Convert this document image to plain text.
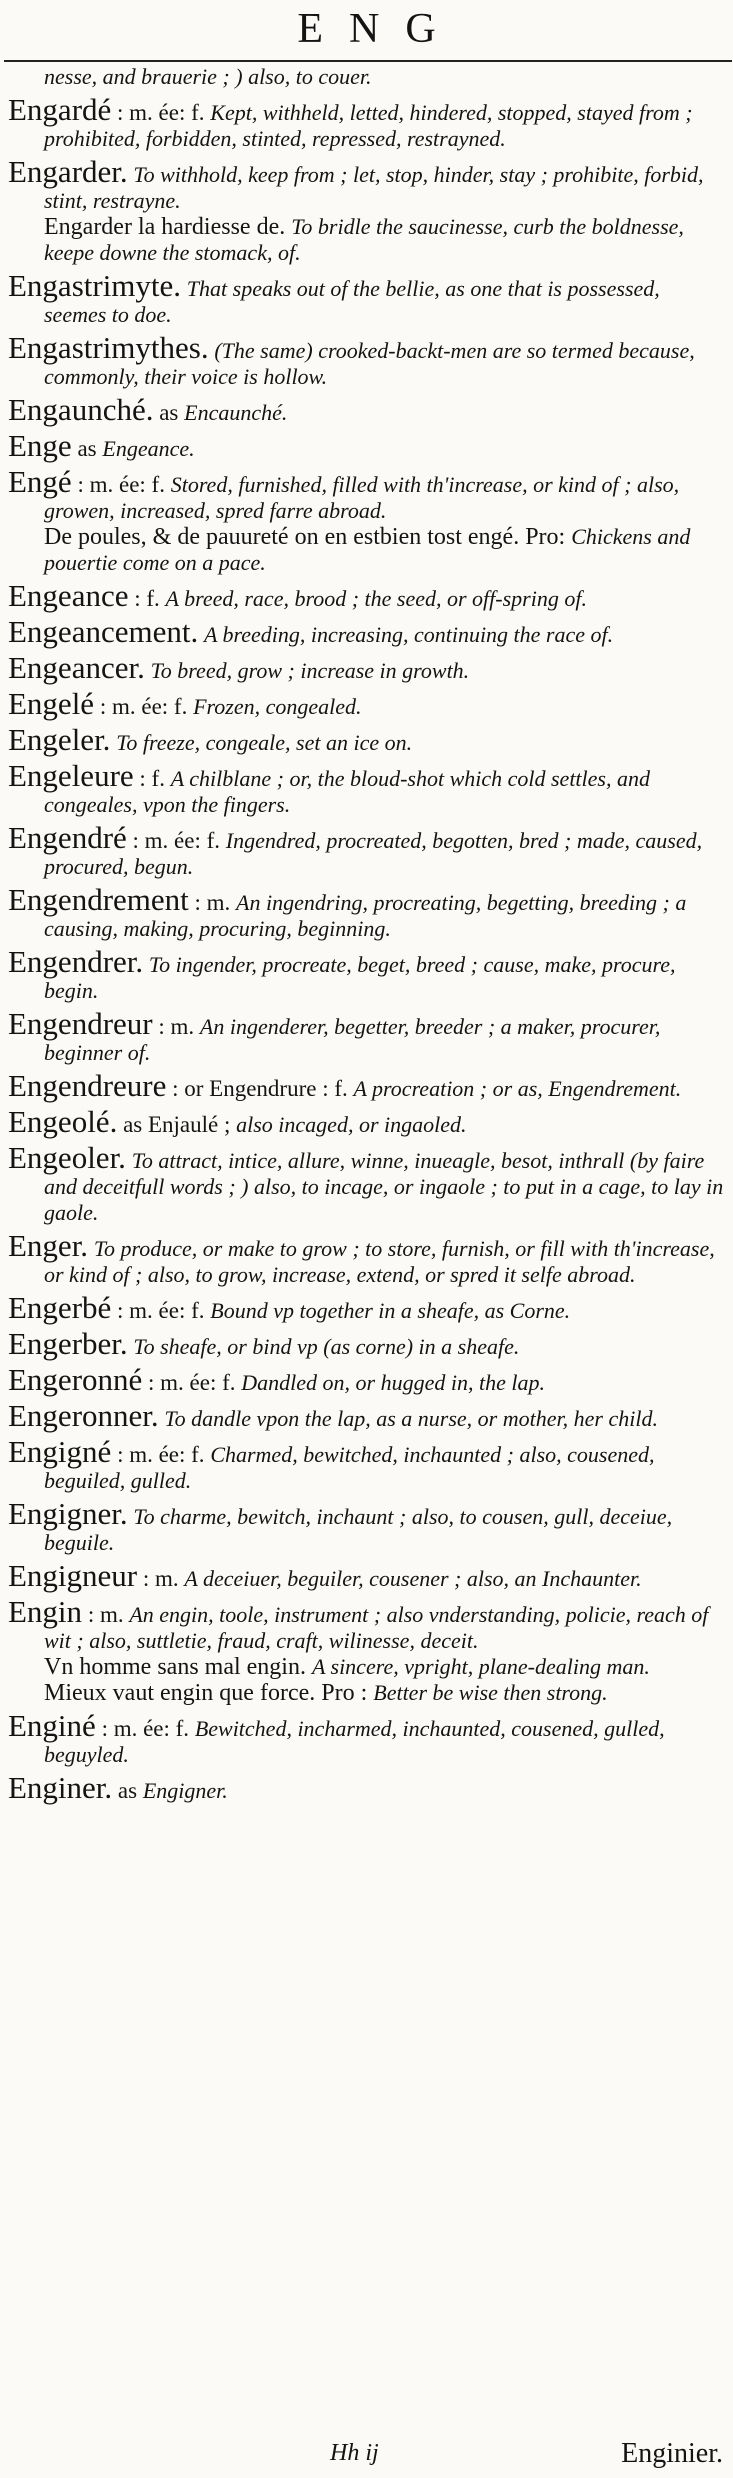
ENG
nesse, and brauerie ; ) also, to couer.
Engardé : m. ée: f. Kept, withheld, letted, hindered, stopped, stayed from ; prohibited, forbidden, stinted, repressed, restrayned.
Engarder. To withhold, keep from ; let, stop, hinder, stay ; prohibite, forbid, stint, restrayne.
Engarder la hardiesse de. To bridle the saucinesse, curb the boldnesse, keepe downe the stomack, of.
Engastrimyte. That speaks out of the bellie, as one that is possessed, seemes to doe.
Engastrimythes. (The same) crooked-backt-men are so termed because, commonly, their voice is hollow.
Engaunché. as Encaunché.
Enge as Engeance.
Engé : m. ée: f. Stored, furnished, filled with th'increase, or kind of ; also, growen, increased, spred farre abroad.
De poules, & de pauureté on en estbien tost engé. Pro: Chickens and pouertie come on a pace.
Engeance : f. A breed, race, brood ; the seed, or off-spring of.
Engeancement. A breeding, increasing, continuing the race of.
Engeancer. To breed, grow ; increase in growth.
Engelé : m. ée: f. Frozen, congealed.
Engeler. To freeze, congeale, set an ice on.
Engeleure : f. A chilblane ; or, the bloud-shot which cold settles, and congeales, vpon the fingers.
Engendré : m. ée: f. Ingendred, procreated, begotten, bred ; made, caused, procured, begun.
Engendrement : m. An ingendring, procreating, begetting, breeding ; a causing, making, procuring, beginning.
Engendrer. To ingender, procreate, beget, breed ; cause, make, procure, begin.
Engendreur : m. An ingenderer, begetter, breeder ; a maker, procurer, beginner of.
Engendreure : or Engendrure : f. A procreation ; or as, Engendrement.
Engeolé. as Enjaulé ; also incaged, or ingaoled.
Engeoler. To attract, intice, allure, winne, inueagle, besot, inthrall (by faire and deceitfull words ; ) also, to incage, or ingaole ; to put in a cage, to lay in gaole.
Enger. To produce, or make to grow ; to store, furnish, or fill with th'increase, or kind of ; also, to grow, increase, extend, or spred it selfe abroad.
Engerbé : m. ée: f. Bound vp together in a sheafe, as Corne.
Engerber. To sheafe, or bind vp (as corne) in a sheafe.
Engeronné : m. ée: f. Dandled on, or hugged in, the lap.
Engeronner. To dandle vpon the lap, as a nurse, or mother, her child.
Engigné : m. ée: f. Charmed, bewitched, inchaunted ; also, cousened, beguiled, gulled.
Engigner. To charme, bewitch, inchaunt ; also, to cousen, gull, deceiue, beguile.
Engigneur : m. A deceiuer, beguiler, cousener ; also, an Inchaunter.
Engin : m. An engin, toole, instrument ; also vnderstanding, policie, reach of wit ; also, suttletie, fraud, craft, wilinesse, deceit.
Vn homme sans mal engin. A sincere, vpright, plane-dealing man.
Mieux vaut engin que force. Pro : Better be wise then strong.
Enginé : m. ée: f. Bewitched, incharmed, inchaunted, cousened, gulled, beguyled.
Enginer. as Engigner.
Hh ij	Enginier.
